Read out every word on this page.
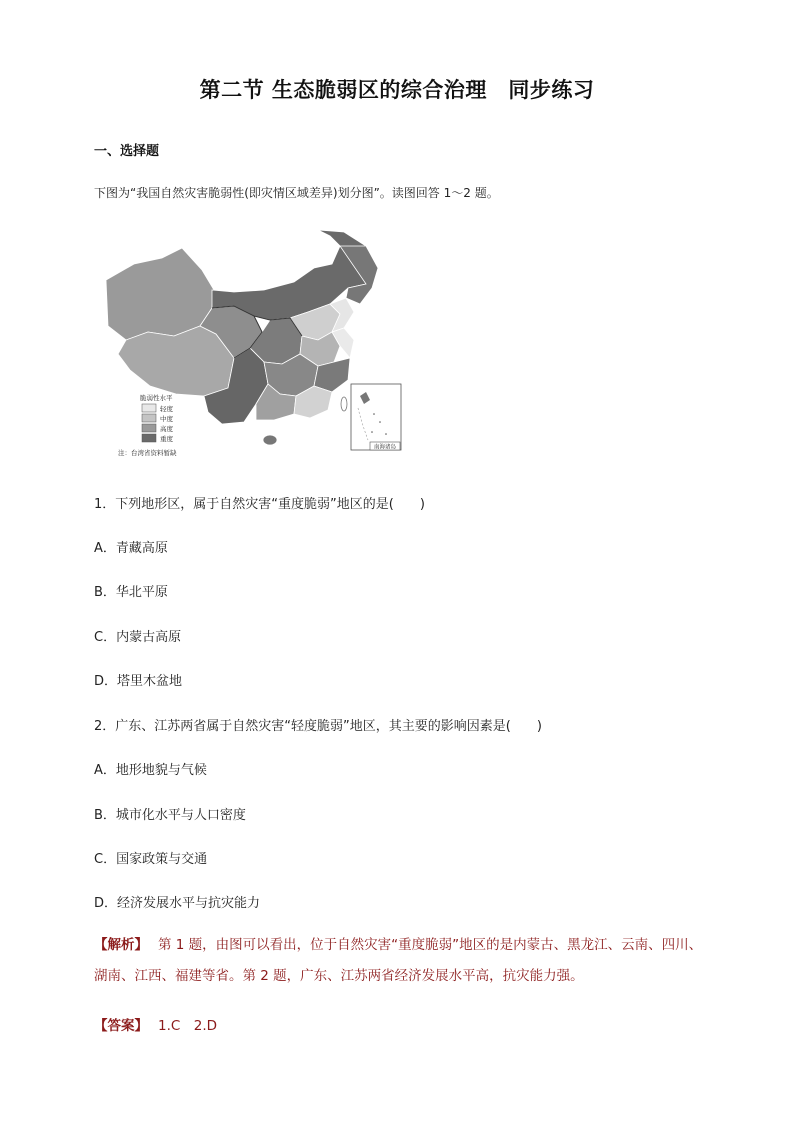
第二节 生态脆弱区的综合治理　同步练习
一、选择题
下图为“我国自然灾害脆弱性(即灾情区域差异)划分图”。读图回答 1～2 题。
南海诸岛
脆弱性水平
轻度
中度
高度
重度
注：台湾省资料暂缺
1．下列地形区，属于自然灾害“重度脆弱”地区的是(　　)
A．青藏高原
B．华北平原
C．内蒙古高原
D．塔里木盆地
2．广东、江苏两省属于自然灾害“轻度脆弱”地区，其主要的影响因素是(　　)
A．地形地貌与气候
B．城市化水平与人口密度
C．国家政策与交通
D．经济发展水平与抗灾能力
【解析】 第 1 题，由图可以看出，位于自然灾害“重度脆弱”地区的是内蒙古、黑龙江、云南、四川、湖南、江西、福建等省。第 2 题，广东、江苏两省经济发展水平高，抗灾能力强。
【答案】 1.C　2.D
